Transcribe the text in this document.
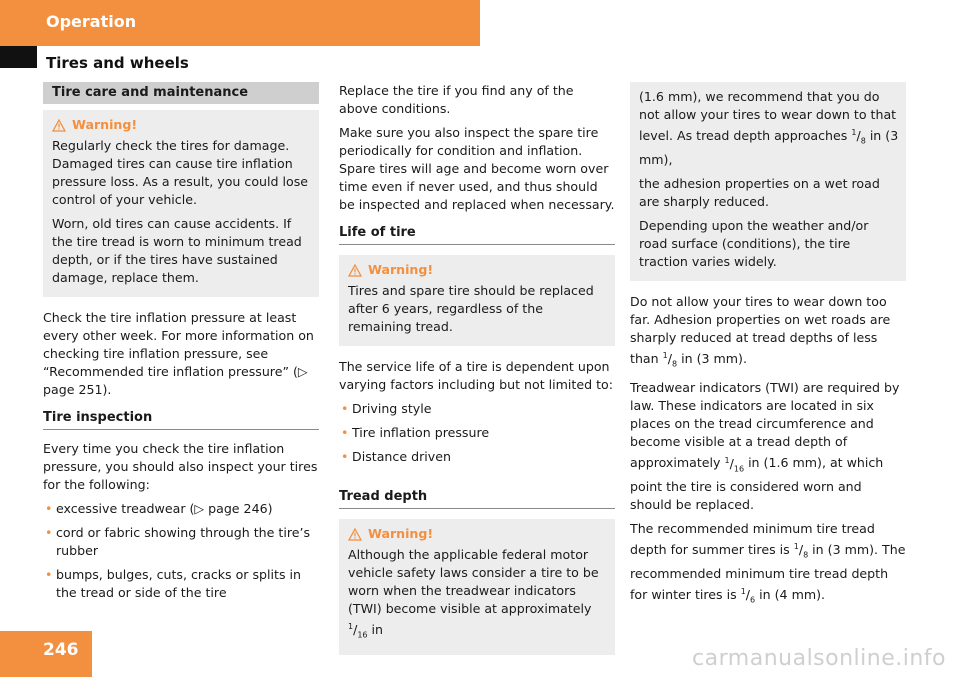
Operation
Tires and wheels
Tire care and maintenance
Warning!

Regularly check the tires for damage. Damaged tires can cause tire inflation pressure loss. As a result, you could lose control of your vehicle.

Worn, old tires can cause accidents. If the tire tread is worn to minimum tread depth, or if the tires have sustained damage, replace them.

Check the tire inflation pressure at least every other week. For more information on checking tire inflation pressure, see “Recommended tire inflation pressure” (▷ page 251).

Tire inspection

Every time you check the tire inflation pressure, you should also inspect your tires for the following:

• excessive treadwear (▷ page 246)
• cord or fabric showing through the tire’s rubber
• bumps, bulges, cuts, cracks or splits in the tread or side of the tire

Replace the tire if you find any of the above conditions.

Make sure you also inspect the spare tire periodically for condition and inflation. Spare tires will age and become worn over time even if never used, and thus should be inspected and replaced when necessary.

Life of tire
Warning!

Tires and spare tire should be replaced after 6 years, regardless of the remaining tread.

The service life of a tire is dependent upon varying factors including but not limited to:

• Driving style
• Tire inflation pressure
• Distance driven
Tread depth
Warning!

Although the applicable federal motor vehicle safety laws consider a tire to be worn when the treadwear indicators (TWI) become visible at approximately $^1/_{16}$ in

(1.6 mm), we recommend that you do not allow your tires to wear down to that level. As tread depth approaches $^1/_8$ in (3 mm),

the adhesion properties on a wet road are sharply reduced.

Depending upon the weather and/or road surface (conditions), the tire traction varies widely.

Do not allow your tires to wear down too far. Adhesion properties on wet roads are sharply reduced at tread depths of less than $^1/_8$ in (3 mm).

Treadwear indicators (TWI) are required by law. These indicators are located in six places on the tread circumference and become visible at a tread depth of approximately $^1/_{16}$ in (1.6 mm), at which point the tire is considered worn and should be replaced.

The recommended minimum tire tread depth for summer tires is $^1/_8$ in (3 mm). The recommended minimum tire tread depth for winter tires is $^1/_6$ in (4 mm).

246	carmanualsonline.info
